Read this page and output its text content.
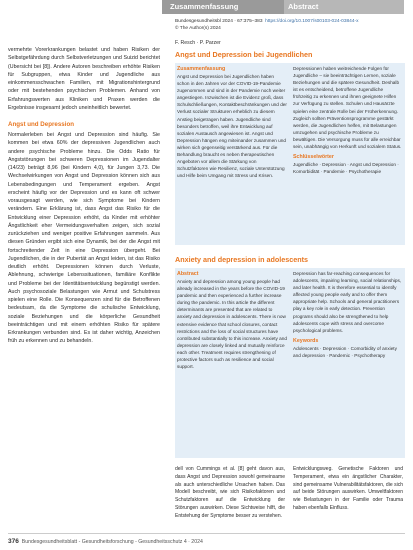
vermehrte Vorerkrankungen belastet und haben Risiken der Selbstgefährdung durch Selbstverletzungen und Suizid berichtet (Ubersicht bei [8]). Andere Autoren beschreiben erhöhte Risiken für Subgruppen, etwa Kinder und Jugendliche aus einkommensschwachen Familien, mit Migrationshintergrund oder mit bestehenden psychischen Problemen. Anhand von Erfahrungswerten aus Kliniken und Praxen werden die Ergebnisse insgesamt jedoch uneinheitlich bewertet.

Angst und Depression

Normalerleben bei Angst und Depression sind häufig. Sie kommen bei etwa 60% der depressiven Jugendlichen auch andere psychische Probleme hinzu. Die Odds Ratio für Angststörungen bei schweren Depressionen im Jugendalter (14/23) beträgt 8,96 (bei Kindern 4,0), für Jungen 3,73. Die Wechselwirkungen von Angst und Depression können sich aus Lebensbedingungen und Temperament ergeben. Angst erscheint häufig vor der Depression und es kann oft schwer vorausgesagt werden, wie sich Symptome bei Kindern verändern. Eine Erklärung ist, dass Angst das Risiko für die Entwicklung einer Depression erhöht, da Kinder mit erhöhter Ängstlichkeit eher Vermeidungsverhalten zeigen, sich sozial zurückziehen und weniger positive Erfahrungen sammeln. Aus diesen Gründen ergibt sich eine Dynamik, bei der die Angst mit fortschreitender Zeit in eine Depression übergeht. Bei Jugendlichen, die in der Pubertät an Angst leiden, ist das Risiko deutlich erhöht. Depressionen können durch Verluste, Ablehnung, schwierige Lebenssituationen, familiäre Konflikte und Probleme bei der Identitätsentwicklung begünstigt werden. Auch psychosoziale Belastungen wie Armut und Schulstress spielen eine Rolle. Die Konsequenzen sind für die Betroffenen bedeutsam, da die Symptome die schulische Entwicklung, soziale Beziehungen und die körperliche Gesundheit beeinträchtigen und mit einem erhöhten Risiko für spätere Erkrankungen verbunden sind. Es ist daher wichtig, Anzeichen früh zu erkennen und zu behandeln.

Zusammenfassung	Abstract
Bundesgesundheitsbl 2024 · 67:375–383 https://doi.org/10.1007/s00103-024-03844-x
© The Author(s) 2024
F. Resch · P. Parzer
Angst und Depression bei Jugendlichen
Zusammenfassung

Angst und Depression bei Jugendlichen haben schon in den Jahren vor der COVID-19-Pandemie zugenommen und sind in der Pandemie noch weiter angestiegen. Inzwischen ist die Evidenz groß, dass Schulschließungen, Kontaktbeschränkungen und der Verlust sozialer Strukturen erheblich zu diesem Anstieg beigetragen haben. Jugendliche sind besonders betroffen, weil ihre Entwicklung auf sozialen Austausch angewiesen ist. Angst und Depression hängen eng miteinander zusammen und wirken sich gegenseitig verstärkend aus. Für die Behandlung braucht es neben therapeutischen Angeboten vor allem die Stärkung von Schutzfaktoren wie Resilienz, soziale Unterstützung und Hilfe beim Umgang mit Stress und Krisen.

Depressionen haben weitreichende Folgen für Jugendliche – sie beeinträchtigen Lernen, soziale Beziehungen und die spätere Gesundheit. Deshalb ist es entscheidend, betroffene Jugendliche frühzeitig zu erkennen und ihnen geeignete Hilfen zur Verfügung zu stellen. Schulen und Hausärzte spielen eine zentrale Rolle bei der Früherkennung. Zugleich sollten Präventionsprogramme gestärkt werden, die Jugendlichen helfen, mit Belastungen umzugehen und psychische Probleme zu bewältigen. Die Versorgung muss für alle erreichbar sein, unabhängig von Herkunft und sozialem Status.

Schlüsselwörter

Jugendliche · Depression · Angst und Depression · Komorbidität · Pandemie · Psychotherapie

Anxiety and depression in adolescents
Abstract

Anxiety and depression among young people had already increased in the years before the COVID-19 pandemic and then experienced a further increase during the pandemic. In this article the different determinants are presented that are related to anxiety and depression in adolescents. There is now extensive evidence that school closures, contact restrictions and the loss of social structures have contributed substantially to this increase. Anxiety and depression are closely linked and mutually reinforce each other. Treatment requires strengthening of protective factors such as resilience and social support.

Depression has far-reaching consequences for adolescents, impairing learning, social relationships, and later health. It is therefore essential to identify affected young people early and to offer them appropriate help. Schools and general practitioners play a key role in early detection. Prevention programs should also be strengthened to help adolescents cope with stress and overcome psychological problems.

Keywords

Adolescents · Depression · Comorbidity of anxiety and depression · Pandemic · Psychotherapy

dell von Cummings et al. [8] geht davon aus, dass Angst und Depression sowohl gemeinsame als auch unterschiedliche Ursachen haben. Das Modell beschreibt, wie sich Risikofaktoren und Schutzfaktoren auf die Entwicklung der Störungen auswirken. Diese Sichtweise hilft, die Entstehung der Symptome besser zu verstehen.

Entwicklungsweg. Genetische Faktoren und Temperament, etwa ein ängstlicher Charakter, sind gemeinsame Vulnerabilitätsfaktoren, die sich auf beide Störungen auswirken. Umweltfaktoren wie Belastungen in der Familie oder Trauma haben ebenfalls Einfluss.

376 Bundesgesundheitsblatt - Gesundheitsforschung - Gesundheitsschutz 4 · 2024
